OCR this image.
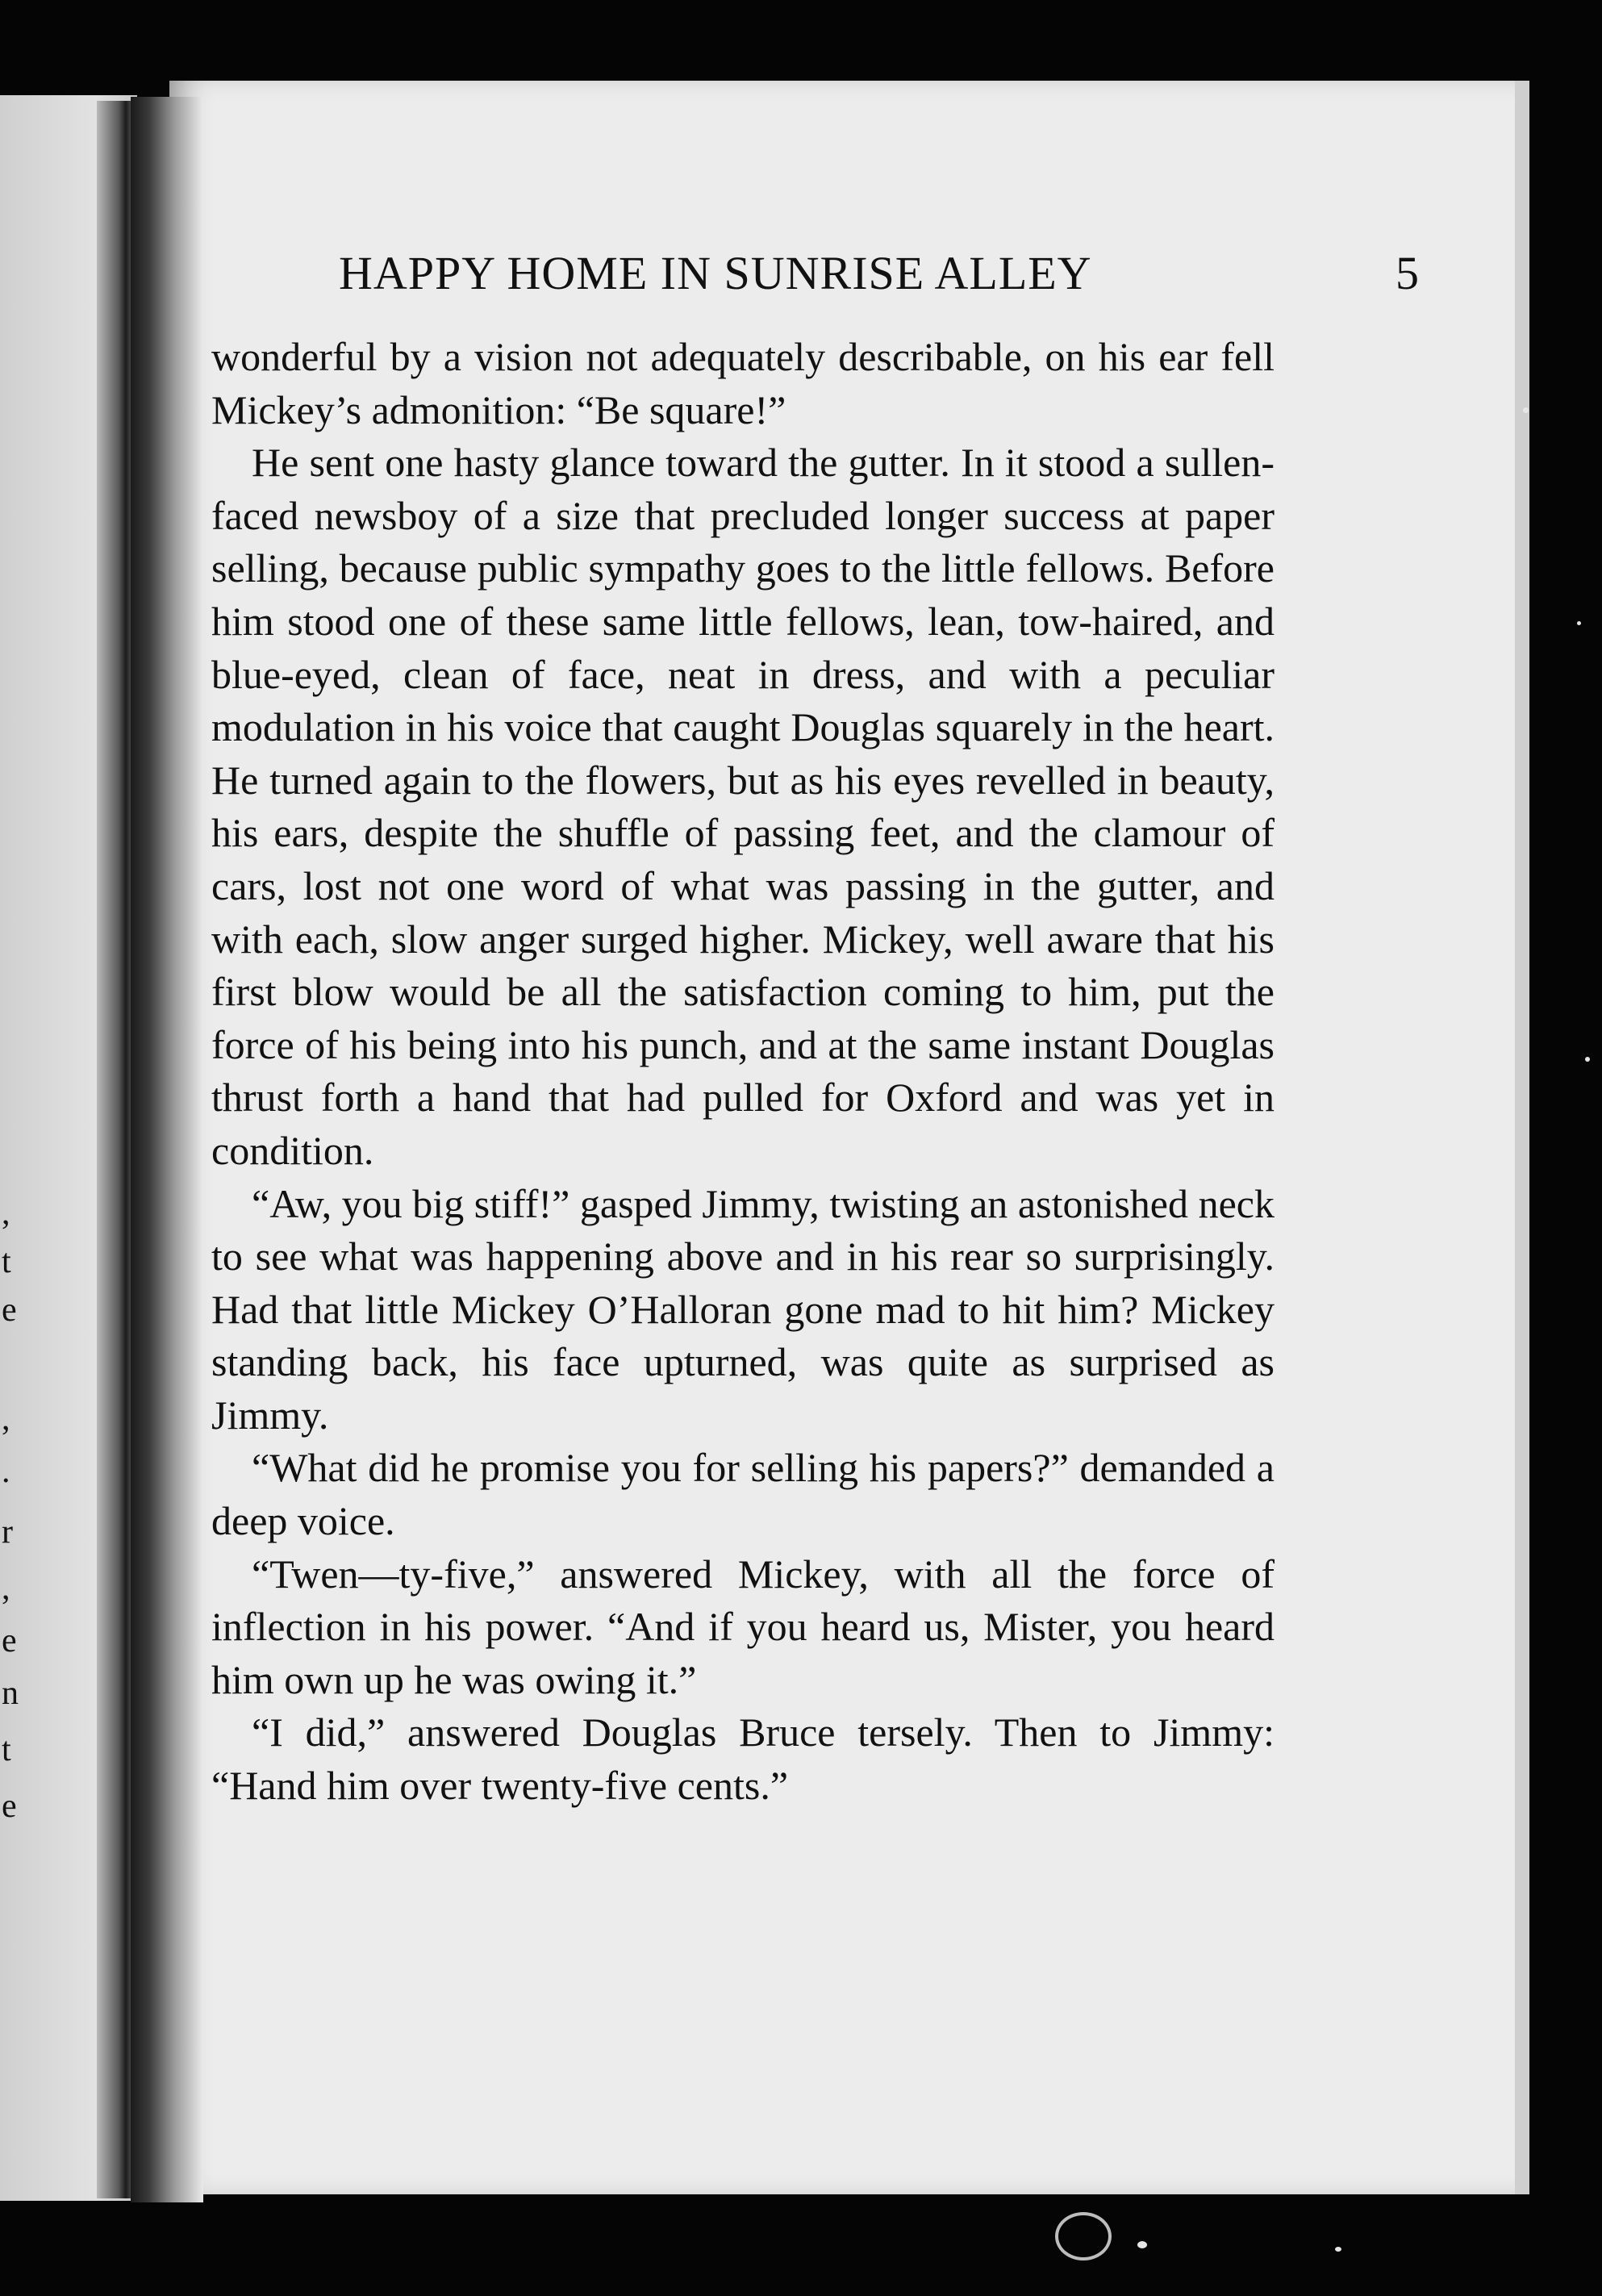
,
t
e
,
.
r
,
e
n
t
e
HAPPY HOME IN SUNRISE ALLEY	5

wonderful by a vision not adequately describable, on his ear fell Mickey’s admonition: “Be square!”

He sent one hasty glance toward the gutter. In it stood a sullen-faced newsboy of a size that precluded longer success at paper selling, because public sympathy goes to the little fellows. Before him stood one of these same little fellows, lean, tow-haired, and blue-eyed, clean of face, neat in dress, and with a peculiar modulation in his voice that caught Douglas squarely in the heart. He turned again to the flowers, but as his eyes revelled in beauty, his ears, despite the shuffle of passing feet, and the clamour of cars, lost not one word of what was passing in the gutter, and with each, slow anger surged higher. Mickey, well aware that his first blow would be all the satisfaction coming to him, put the force of his being into his punch, and at the same instant Douglas thrust forth a hand that had pulled for Oxford and was yet in condition.

“Aw, you big stiff!” gasped Jimmy, twisting an astonished neck to see what was happening above and in his rear so surprisingly. Had that little Mickey O’Halloran gone mad to hit him? Mickey standing back, his face upturned, was quite as surprised as Jimmy.

“What did he promise you for selling his papers?” demanded a deep voice.

“Twen—ty-five,” answered Mickey, with all the force of inflection in his power. “And if you heard us, Mister, you heard him own up he was owing it.”

“I did,” answered Douglas Bruce tersely. Then to Jimmy: “Hand him over twenty-five cents.”
